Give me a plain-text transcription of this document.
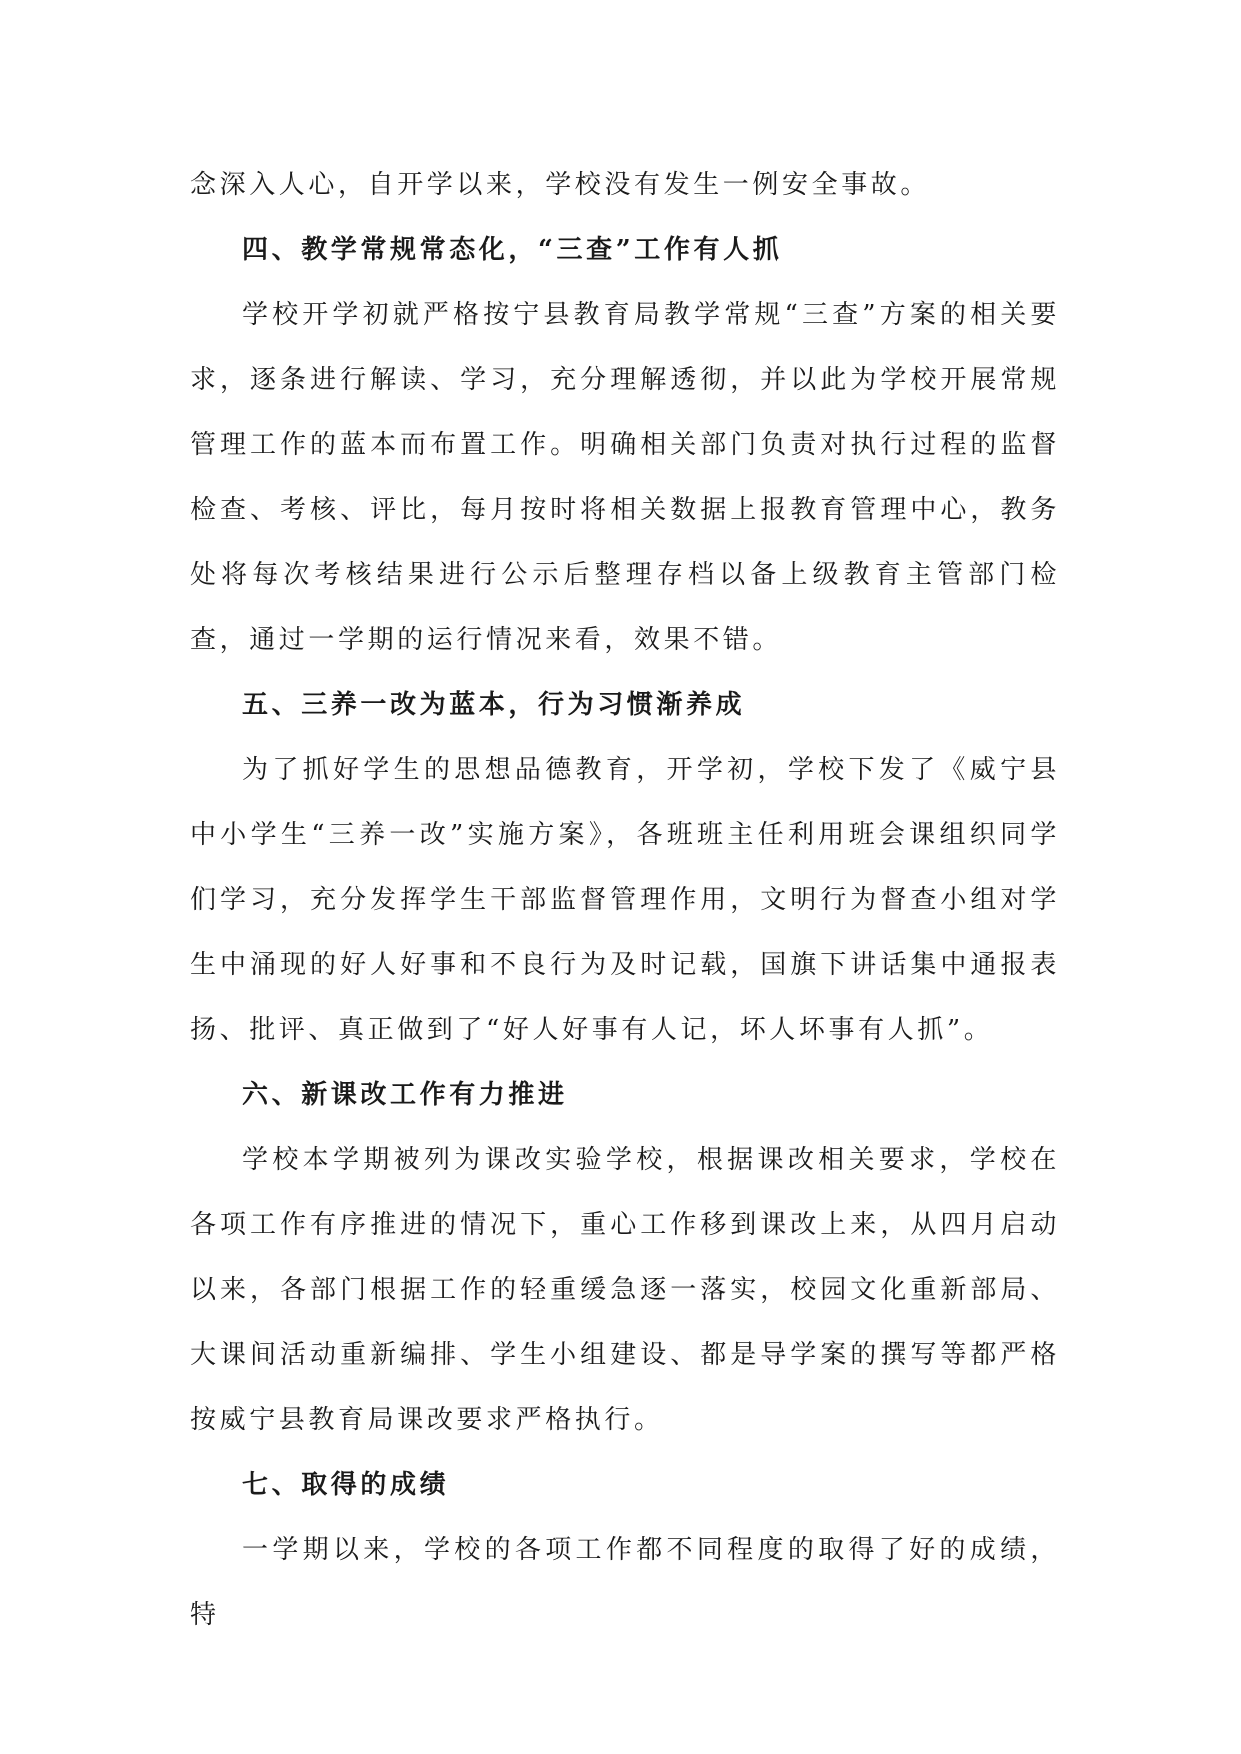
念深入人心，自开学以来，学校没有发生一例安全事故。

四、教学常规常态化，“三查”工作有人抓

学校开学初就严格按宁县教育局教学常规“三查”方案的相关要求，逐条进行解读、学习，充分理解透彻，并以此为学校开展常规管理工作的蓝本而布置工作。明确相关部门负责对执行过程的监督检查、考核、评比，每月按时将相关数据上报教育管理中心，教务处将每次考核结果进行公示后整理存档以备上级教育主管部门检查，通过一学期的运行情况来看，效果不错。

五、三养一改为蓝本，行为习惯渐养成

为了抓好学生的思想品德教育，开学初，学校下发了《威宁县中小学生“三养一改”实施方案》，各班班主任利用班会课组织同学们学习，充分发挥学生干部监督管理作用，文明行为督查小组对学生中涌现的好人好事和不良行为及时记载，国旗下讲话集中通报表扬、批评、真正做到了“好人好事有人记，坏人坏事有人抓”。

六、新课改工作有力推进

学校本学期被列为课改实验学校，根据课改相关要求，学校在各项工作有序推进的情况下，重心工作移到课改上来，从四月启动以来，各部门根据工作的轻重缓急逐一落实，校园文化重新部局、大课间活动重新编排、学生小组建设、都是导学案的撰写等都严格按威宁县教育局课改要求严格执行。

七、取得的成绩

一学期以来，学校的各项工作都不同程度的取得了好的成绩，特
